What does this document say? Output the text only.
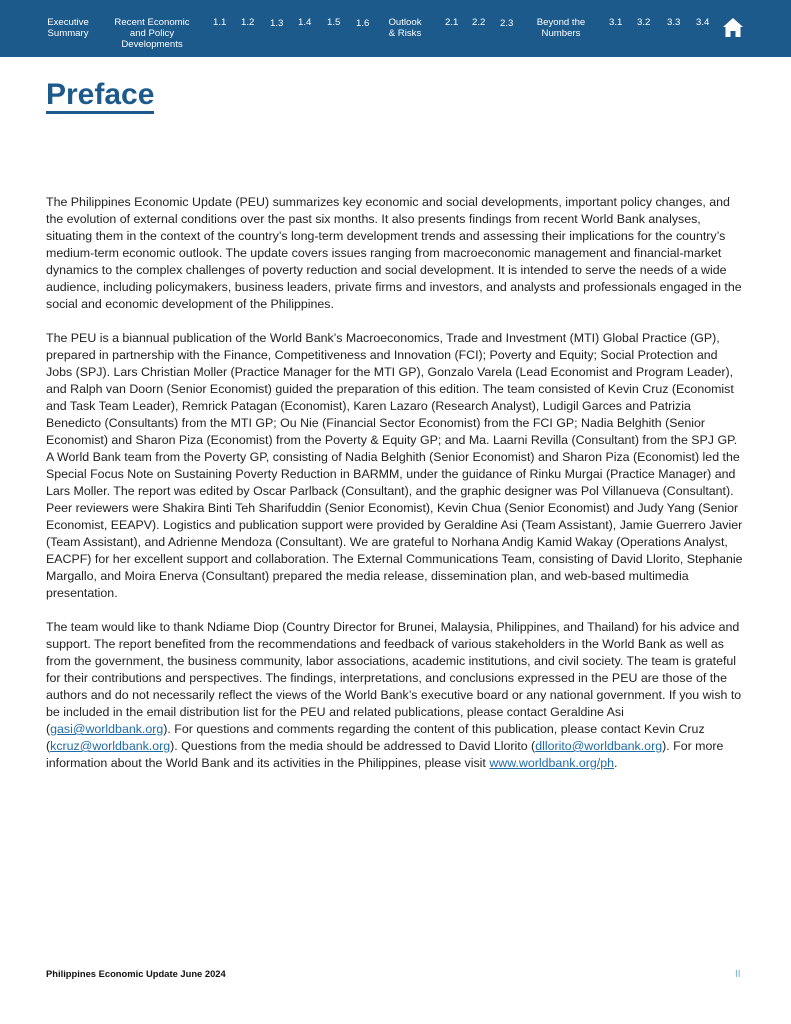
Executive
Summary
Recent Economic
and Policy
Developments
1.1 1.2 1.3 1.4 1.5 1.6	Outlook
& Risks
2.1 2.2 2.3	Beyond the
Numbers
3.1 3.2 3.3 3.4
Preface

The Philippines Economic Update (PEU) summarizes key economic and social developments, important policy changes, and the evolution of external conditions over the past six months. It also presents findings from recent World Bank analyses, situating them in the context of the country’s long-term development trends and assessing their implications for the country’s medium-term economic outlook. The update covers issues ranging from macroeconomic management and financial-market dynamics to the complex challenges of poverty reduction and social development. It is intended to serve the needs of a wide audience, including policymakers, business leaders, private firms and investors, and analysts and professionals engaged in the social and economic development of the Philippines.

The PEU is a biannual publication of the World Bank’s Macroeconomics, Trade and Investment (MTI) Global Practice (GP), prepared in partnership with the Finance, Competitiveness and Innovation (FCI); Poverty and Equity; Social Protection and Jobs (SPJ). Lars Christian Moller (Practice Manager for the MTI GP), Gonzalo Varela (Lead Economist and Program Leader), and Ralph van Doorn (Senior Economist) guided the preparation of this edition. The team consisted of Kevin Cruz (Economist and Task Team Leader), Remrick Patagan (Economist), Karen Lazaro (Research Analyst), Ludigil Garces and Patrizia Benedicto (Consultants) from the MTI GP; Ou Nie (Financial Sector Economist) from the FCI GP; Nadia Belghith (Senior Economist) and Sharon Piza (Economist) from the Poverty & Equity GP; and Ma. Laarni Revilla (Consultant) from the SPJ GP. A World Bank team from the Poverty GP, consisting of Nadia Belghith (Senior Economist) and Sharon Piza (Economist) led the Special Focus Note on Sustaining Poverty Reduction in BARMM, under the guidance of Rinku Murgai (Practice Manager) and Lars Moller. The report was edited by Oscar Parlback (Consultant), and the graphic designer was Pol Villanueva (Consultant). Peer reviewers were Shakira Binti Teh Sharifuddin (Senior Economist), Kevin Chua (Senior Economist) and Judy Yang (Senior Economist, EEAPV). Logistics and publication support were provided by Geraldine Asi (Team Assistant), Jamie Guerrero Javier (Team Assistant), and Adrienne Mendoza (Consultant). We are grateful to Norhana Andig Kamid Wakay (Operations Analyst, EACPF) for her excellent support and collaboration. The External Communications Team, consisting of David Llorito, Stephanie Margallo, and Moira Enerva (Consultant) prepared the media release, dissemination plan, and web-based multimedia presentation.

The team would like to thank Ndiame Diop (Country Director for Brunei, Malaysia, Philippines, and Thailand) for his advice and support. The report benefited from the recommendations and feedback of various stakeholders in the World Bank as well as from the government, the business community, labor associations, academic institutions, and civil society. The team is grateful for their contributions and perspectives. The findings, interpretations, and conclusions expressed in the PEU are those of the authors and do not necessarily reflect the views of the World Bank’s executive board or any national government. If you wish to be included in the email distribution list for the PEU and related publications, please contact Geraldine Asi (gasi@worldbank.org). For questions and comments regarding the content of this publication, please contact Kevin Cruz (kcruz@worldbank.org). Questions from the media should be addressed to David Llorito (dllorito@worldbank.org). For more information about the World Bank and its activities in the Philippines, please visit www.worldbank.org/ph.

Philippines Economic Update June 2024	II
